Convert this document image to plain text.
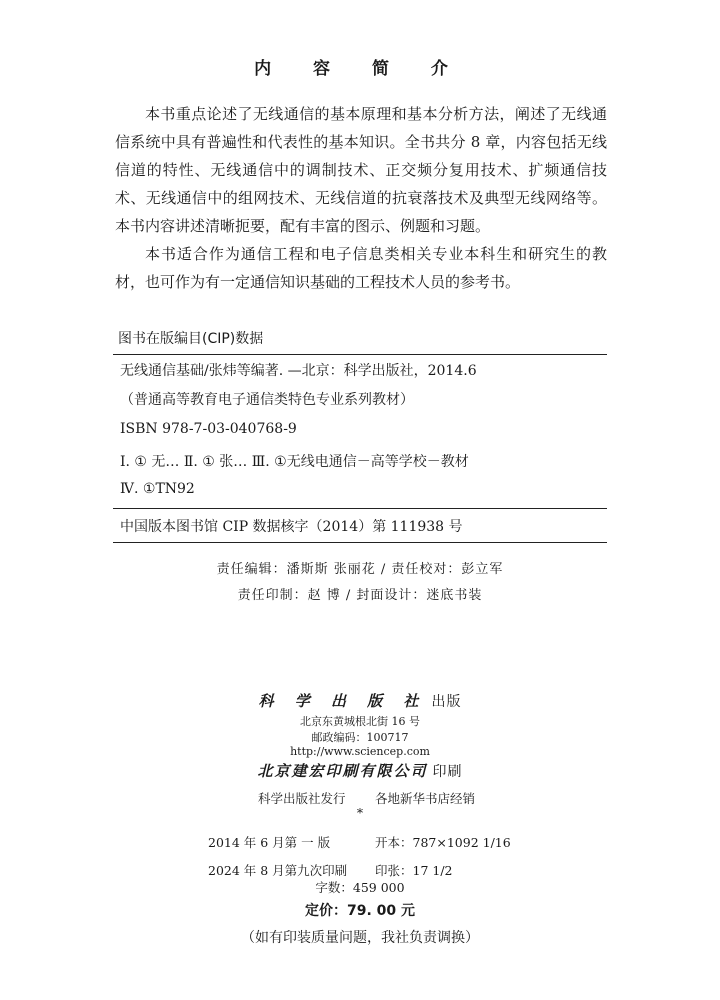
内 容 简 介

本书重点论述了无线通信的基本原理和基本分析方法，阐述了无线通信系统中具有普遍性和代表性的基本知识。全书共分 8 章，内容包括无线信道的特性、无线通信中的调制技术、正交频分复用技术、扩频通信技术、无线通信中的组网技术、无线信道的抗衰落技术及典型无线网络等。本书内容讲述清晰扼要，配有丰富的图示、例题和习题。

本书适合作为通信工程和电子信息类相关专业本科生和研究生的教材，也可作为有一定通信知识基础的工程技术人员的参考书。

图书在版编目(CIP)数据
无线通信基础/张炜等编著. —北京：科学出版社，2014.6
（普通高等教育电子通信类特色专业系列教材）
ISBN 978-7-03-040768-9
Ⅰ. ① 无… Ⅱ. ① 张… Ⅲ. ①无线电通信－高等学校－教材
Ⅳ. ①TN92
中国版本图书馆 CIP 数据核字（2014）第 111938 号
责任编辑：潘斯斯 张丽花 / 责任校对：彭立军
责任印制：赵 博 / 封面设计：迷底书装
科 学 出 版 社 出版
北京东黄城根北街 16 号
邮政编码：100717
http://www.sciencep.com
北京建宏印刷有限公司 印刷
科学出版社发行 各地新华书店经销
*
2014 年 6 月第 一 版	开本：787×1092 1/16
2024 年 8 月第九次印刷 印张：17 1/2
字数：459 000
定价：79. 00 元
（如有印装质量问题，我社负责调换）
